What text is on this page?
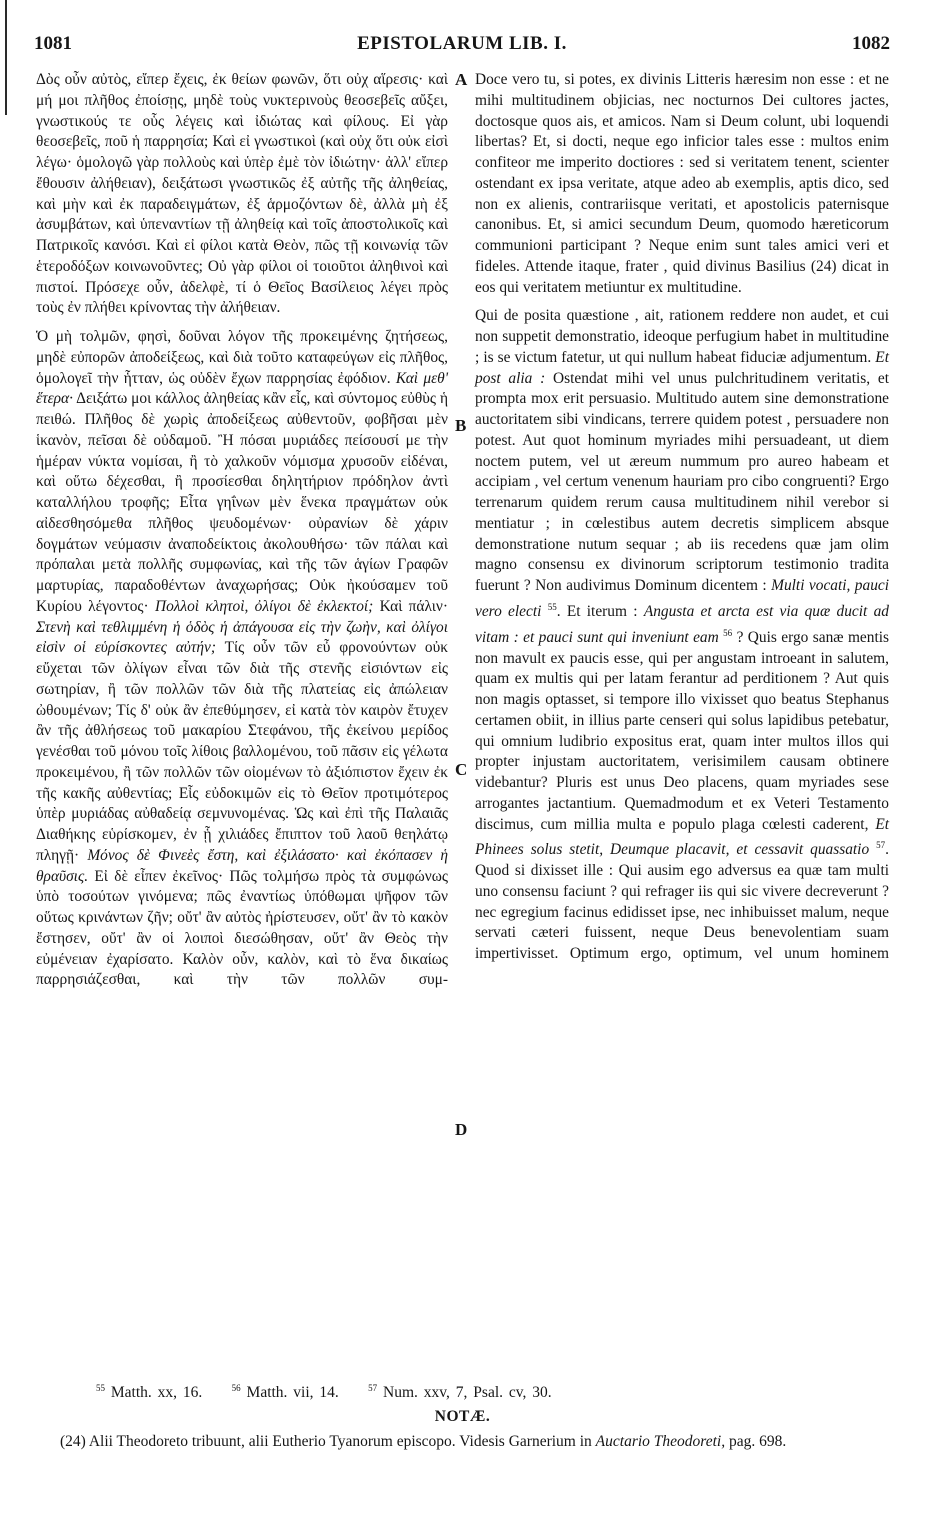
1081	EPISTOLARUM LIB. I.	1082
A
B
C
D

Δὸς οὖν αὐτὸς, εἴπερ ἔχεις, ἐκ θείων φωνῶν, ὅτι οὐχ αἵρεσις· καὶ μή μοι πλῆθος ἐποίσῃς, μηδὲ τοὺς νυκτερινοὺς θεοσεβεῖς αὔξει, γνωστικούς τε οὗς λέγεις καὶ ἰδιώτας καὶ φίλους. Εἰ γὰρ θεοσεβεῖς, ποῦ ἡ παρρησία; Καὶ εἰ γνωστικοὶ (καὶ οὐχ ὅτι οὐκ εἰσὶ λέγω· ὁμολογῶ γὰρ πολλοὺς καὶ ὑπὲρ ἐμὲ τὸν ἰδιώτην· ἀλλ' εἴπερ ἔθουσιν ἀλήθειαν), δειξάτωσι γνωστικῶς ἐξ αὐτῆς τῆς ἀληθείας, καὶ μὴν καὶ ἐκ παραδειγμάτων, ἐξ ἁρμοζόντων δὲ, ἀλλὰ μὴ ἐξ ἀσυμβάτων, καὶ ὑπεναντίων τῇ ἀληθείᾳ καὶ τοῖς ἀποστολικοῖς καὶ Πατρικοῖς κανόσι. Καὶ εἰ φίλοι κατὰ Θεὸν, πῶς τῇ κοινωνίᾳ τῶν ἑτεροδόξων κοινωνοῦντες; Οὐ γὰρ φίλοι οἱ τοιοῦτοι ἀληθινοὶ καὶ πιστοί. Πρόσεχε οὖν, ἀδελφὲ, τί ὁ Θεῖος Βασίλειος λέγει πρὸς τοὺς ἐν πλήθει κρίνοντας τὴν ἀλήθειαν.

Ὁ μὴ τολμῶν, φησὶ, δοῦναι λόγον τῆς προκειμένης ζητήσεως, μηδὲ εὐπορῶν ἀποδείξεως, καὶ διὰ τοῦτο καταφεύγων εἰς πλῆθος, ὁμολογεῖ τὴν ἧτταν, ὡς οὐδὲν ἔχων παρρησίας ἐφόδιον. Καὶ μεθ' ἕτερα· Δειξάτω μοι κάλλος ἀληθείας κἂν εἷς, καὶ σύντομος εὐθὺς ἡ πειθώ. Πλῆθος δὲ χωρὶς ἀποδείξεως αὐθεντοῦν, φοβῆσαι μὲν ἱκανὸν, πεῖσαι δὲ οὐδαμοῦ. Ἢ πόσαι μυριάδες πείσουσί με τὴν ἡμέραν νύκτα νομίσαι, ἢ τὸ χαλκοῦν νόμισμα χρυσοῦν εἰδέναι, καὶ οὕτω δέχεσθαι, ἢ προσίεσθαι δηλητήριον πρόδηλον ἀντὶ καταλλήλου τροφῆς; Εἶτα γηΐνων μὲν ἕνεκα πραγμάτων οὐκ αἰδεσθησόμεθα πλῆθος ψευδομένων· οὐρανίων δὲ χάριν δογμάτων νεύμασιν ἀναποδείκτοις ἀκολουθήσω· τῶν πάλαι καὶ πρόπαλαι μετὰ πολλῆς συμφωνίας, καὶ τῆς τῶν ἁγίων Γραφῶν μαρτυρίας, παραδοθέντων ἀναχωρήσας; Οὐκ ἠκούσαμεν τοῦ Κυρίου λέγοντος· Πολλοὶ κλητοὶ, ὀλίγοι δὲ ἐκλεκτοί; Καὶ πάλιν· Στενὴ καὶ τεθλιμμένη ἡ ὁδὸς ἡ ἀπάγουσα εἰς τὴν ζωὴν, καὶ ὀλίγοι εἰσὶν οἱ εὑρίσκοντες αὐτήν; Τίς οὖν τῶν εὖ φρονούντων οὐκ εὔχεται τῶν ὀλίγων εἶναι τῶν διὰ τῆς στενῆς εἰσιόντων εἰς σωτηρίαν, ἢ τῶν πολλῶν τῶν διὰ τῆς πλατείας εἰς ἀπώλειαν ὠθουμένων; Τίς δ' οὐκ ἂν ἐπεθύμησεν, εἰ κατὰ τὸν καιρὸν ἔτυχεν ἂν τῆς ἀθλήσεως τοῦ μακαρίου Στεφάνου, τῆς ἐκείνου μερίδος γενέσθαι τοῦ μόνου τοῖς λίθοις βαλλομένου, τοῦ πᾶσιν εἰς γέλωτα προκειμένου, ἢ τῶν πολλῶν τῶν οἰομένων τὸ ἀξιόπιστον ἔχειν ἐκ τῆς κακῆς αὐθεντίας; Εἷς εὐδοκιμῶν εἰς τὸ Θεῖον προτιμότερος ὑπὲρ μυριάδας αὐθαδείᾳ σεμνυνομένας. Ὡς καὶ ἐπὶ τῆς Παλαιᾶς Διαθήκης εὑρίσκομεν, ἐν ᾗ χιλιάδες ἔπιπτον τοῦ λαοῦ θεηλάτῳ πληγῇ· Μόνος δὲ Φινεὲς ἔστη, καὶ ἐξιλάσατο· καὶ ἐκόπασεν ἡ θραῦσις. Εἰ δὲ εἶπεν ἐκεῖνος· Πῶς τολμήσω πρὸς τὰ συμφώνως ὑπὸ τοσούτων γινόμενα; πῶς ἐναντίως ὑπόθωμαι ψῆφον τῶν οὕτως κρινάντων ζῆν; οὔτ' ἂν αὐτὸς ἠρίστευσεν, οὔτ' ἂν τὸ κακὸν ἔστησεν, οὔτ' ἂν οἱ λοιποὶ διεσώθησαν, οὔτ' ἂν Θεὸς τὴν εὐμένειαν ἐχαρίσατο. Καλὸν οὖν, καλὸν, καὶ τὸ ἕνα δικαίως παρρησιάζεσθαι, καὶ τὴν τῶν πολλῶν συμ-

Doce vero tu, si potes, ex divinis Litteris hæresim non esse : et ne mihi multitudinem objicias, nec nocturnos Dei cultores jactes, doctosque quos ais, et amicos. Nam si Deum colunt, ubi loquendi libertas? Et, si docti, neque ego inficior tales esse : multos enim confiteor me imperito doctiores : sed si veritatem tenent, scienter ostendant ex ipsa veritate, atque adeo ab exemplis, aptis dico, sed non ex alienis, contrariisque veritati, et apostolicis paternisque canonibus. Et, si amici secundum Deum, quomodo hæreticorum communioni participant ? Neque enim sunt tales amici veri et fideles. Attende itaque, frater , quid divinus Basilius (24) dicat in eos qui veritatem metiuntur ex multitudine.

Qui de posita quæstione , ait, rationem reddere non audet, et cui non suppetit demonstratio, ideoque perfugium habet in multitudine ; is se victum fatetur, ut qui nullum habeat fiduciæ adjumentum. Et post alia : Ostendat mihi vel unus pulchritudinem veritatis, et prompta mox erit persuasio. Multitudo autem sine demonstratione auctoritatem sibi vindicans, terrere quidem potest , persuadere non potest. Aut quot hominum myriades mihi persuadeant, ut diem noctem putem, vel ut æreum nummum pro aureo habeam et accipiam , vel certum venenum hauriam pro cibo congruenti? Ergo terrenarum quidem rerum causa multitudinem nihil verebor si mentiatur ; in cœlestibus autem decretis simplicem absque demonstratione nutum sequar ; ab iis recedens quæ jam olim magno consensu ex divinorum scriptorum testimonio tradita fuerunt ? Non audivimus Dominum dicentem : Multi vocati, pauci vero electi $^{55}$. Et iterum : Angusta et arcta est via quæ ducit ad vitam : et pauci sunt qui inveniunt eam $^{56}$ ? Quis ergo sanæ mentis non mavult ex paucis esse, qui per angustam introeant in salutem, quam ex multis qui per latam ferantur ad perditionem ? Aut quis non magis optasset, si tempore illo vixisset quo beatus Stephanus certamen obiit, in illius parte censeri qui solus lapidibus petebatur, qui omnium ludibrio expositus erat, quam inter multos illos qui propter injustam auctoritatem, verisimilem causam obtinere videbantur? Pluris est unus Deo placens, quam myriades sese arrogantes jactantium. Quemadmodum et ex Veteri Testamento discimus, cum millia multa e populo plaga cœlesti caderent, Et Phinees solus stetit, Deumque placavit, et cessavit quassatio $^{57}$. Quod si dixisset ille : Qui ausim ego adversus ea quæ tam multi uno consensu faciunt ? qui refrager iis qui sic vivere decreverunt ? nec egregium facinus edidisset ipse, nec inhibuisset malum, neque servati cæteri fuissent, neque Deus benevolentiam suam impertivisset. Optimum ergo, optimum, vel unum hominem

$^{55}$ Matth. xx, 16.	$^{56}$ Matth. vii, 14.	$^{57}$ Num. xxv, 7, Psal. cv, 30.
NOTÆ.
(24) Alii Theodoreto tribuunt, alii Eutherio Tyanorum episcopo. Videsis Garnerium in Auctario Theodoreti, pag. 698.
